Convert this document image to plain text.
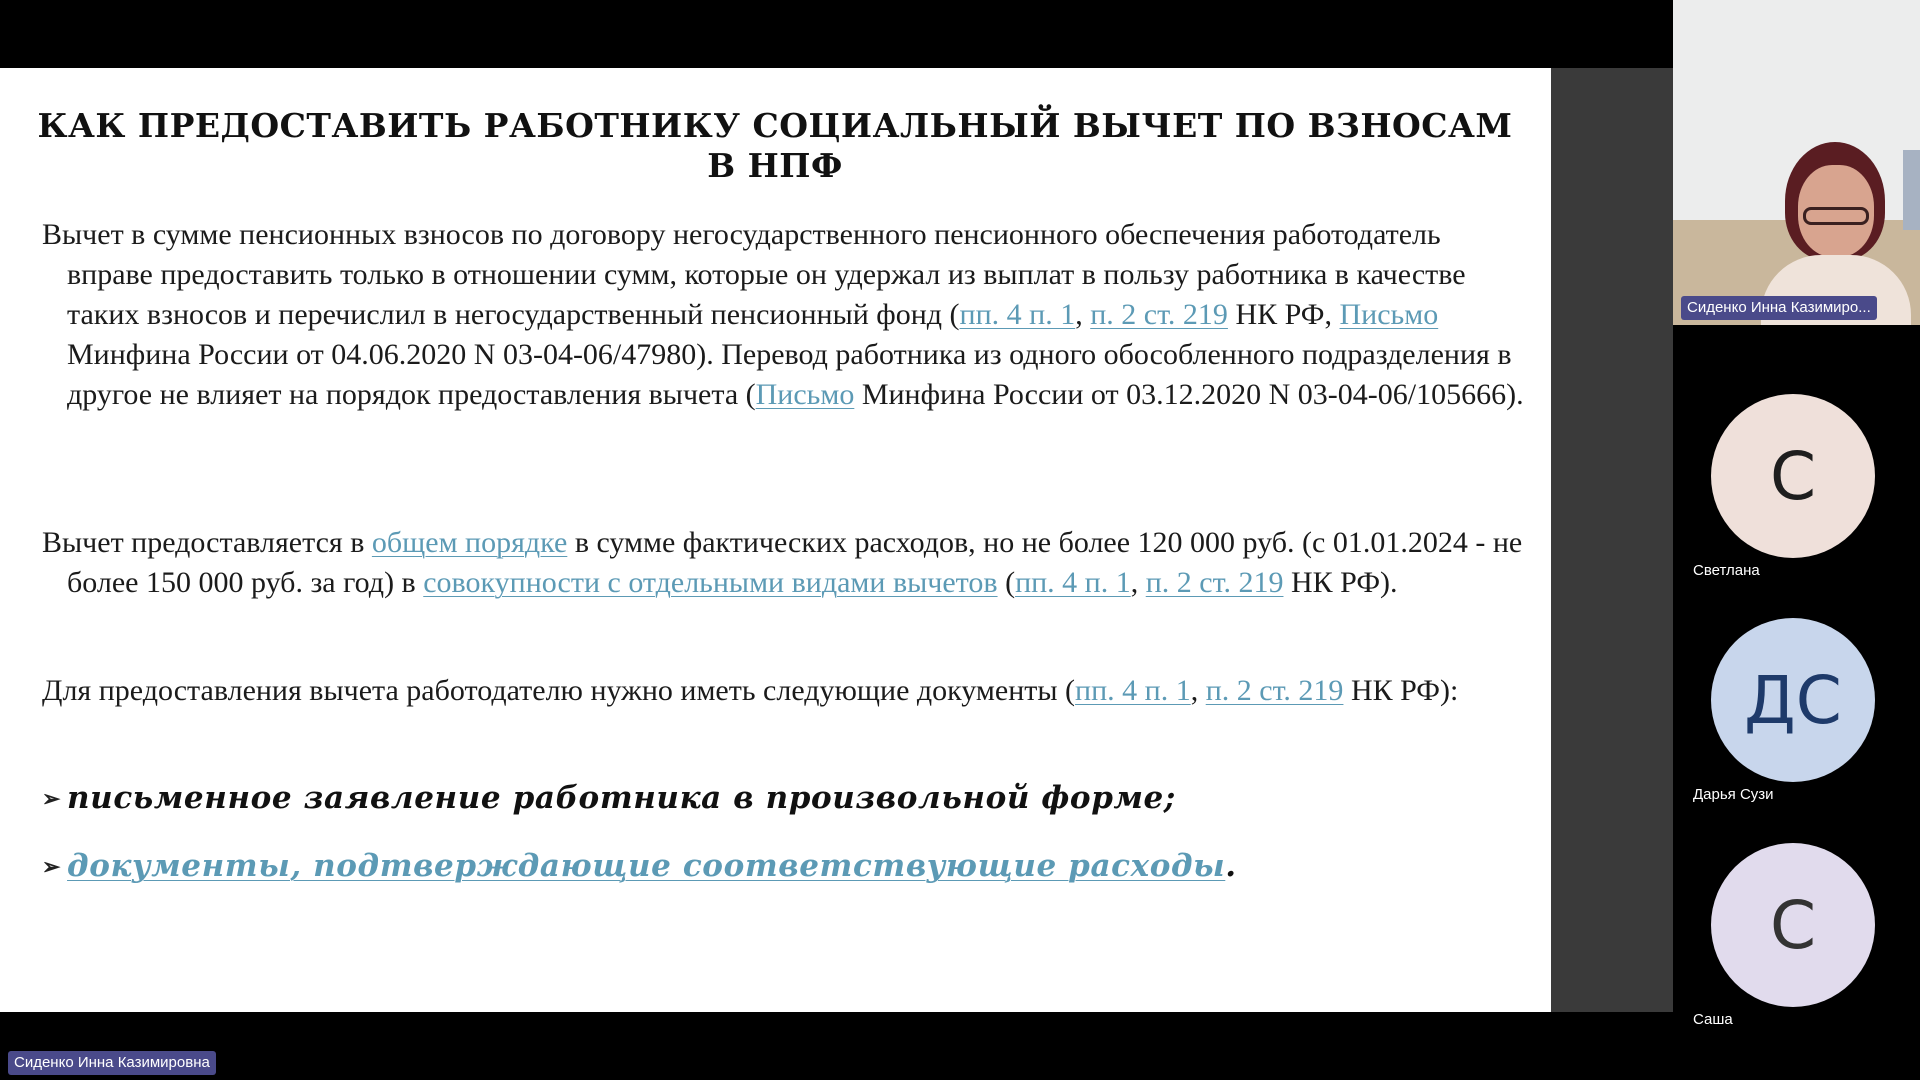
КАК ПРЕДОСТАВИТЬ РАБОТНИКУ СОЦИАЛЬНЫЙ ВЫЧЕТ ПО ВЗНОСАМ В НПФ

Вычет в сумме пенсионных взносов по договору негосударственного пенсионного обеспечения работодатель вправе предоставить только в отношении сумм, которые он удержал из выплат в пользу работника в качестве таких взносов и перечислил в негосударственный пенсионный фонд (пп. 4 п. 1, п. 2 ст. 219 НК РФ, Письмо Минфина России от 04.06.2020 N 03-04-06/47980). Перевод работника из одного обособленного подразделения в другое не влияет на порядок предоставления вычета (Письмо Минфина России от 03.12.2020 N 03-04-06/105666).

Вычет предоставляется в общем порядке в сумме фактических расходов, но не более 120 000 руб. (с 01.01.2024 - не более 150 000 руб. за год) в совокупности с отдельными видами вычетов (пп. 4 п. 1, п. 2 ст. 219 НК РФ).

Для предоставления вычета работодателю нужно иметь следующие документы (пп. 4 п. 1, п. 2 ст. 219 НК РФ):

➢ письменное заявление работника в произвольной форме;
➢ документы, подтверждающие соответствующие расходы.
Сиденко Инна Казимировна
Сиденко Инна Казимиро...
С
Светлана
ДС
Дарья Сузи
С
Саша
